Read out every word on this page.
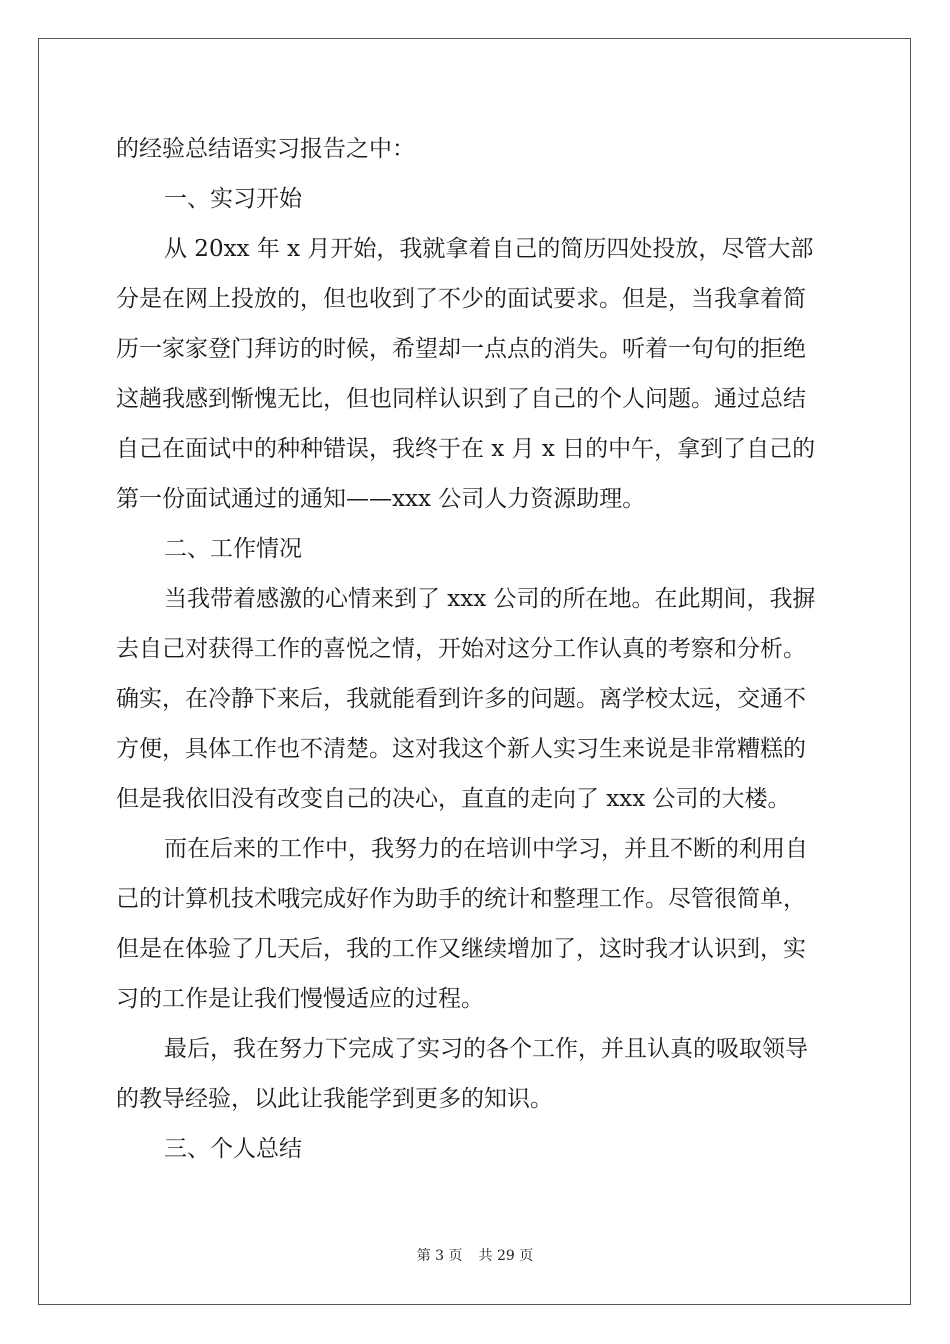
的经验总结语实习报告之中：
一、实习开始
从 20xx 年 x 月开始，我就拿着自己的简历四处投放，尽管大部
分是在网上投放的，但也收到了不少的面试要求。但是，当我拿着简
历一家家登门拜访的时候，希望却一点点的消失。听着一句句的拒绝
这趟我感到惭愧无比，但也同样认识到了自己的个人问题。通过总结
自己在面试中的种种错误，我终于在 x 月 x 日的中午，拿到了自己的
第一份面试通过的通知——xxx 公司人力资源助理。
二、工作情况
当我带着感激的心情来到了 xxx 公司的所在地。在此期间，我摒
去自己对获得工作的喜悦之情，开始对这分工作认真的考察和分析。
确实，在冷静下来后，我就能看到许多的问题。离学校太远，交通不
方便，具体工作也不清楚。这对我这个新人实习生来说是非常糟糕的
但是我依旧没有改变自己的决心，直直的走向了 xxx 公司的大楼。
而在后来的工作中，我努力的在培训中学习，并且不断的利用自
己的计算机技术哦完成好作为助手的统计和整理工作。尽管很简单，
但是在体验了几天后，我的工作又继续增加了，这时我才认识到，实
习的工作是让我们慢慢适应的过程。
最后，我在努力下完成了实习的各个工作，并且认真的吸取领导
的教导经验，以此让我能学到更多的知识。
三、个人总结
第 3 页 共 29 页
